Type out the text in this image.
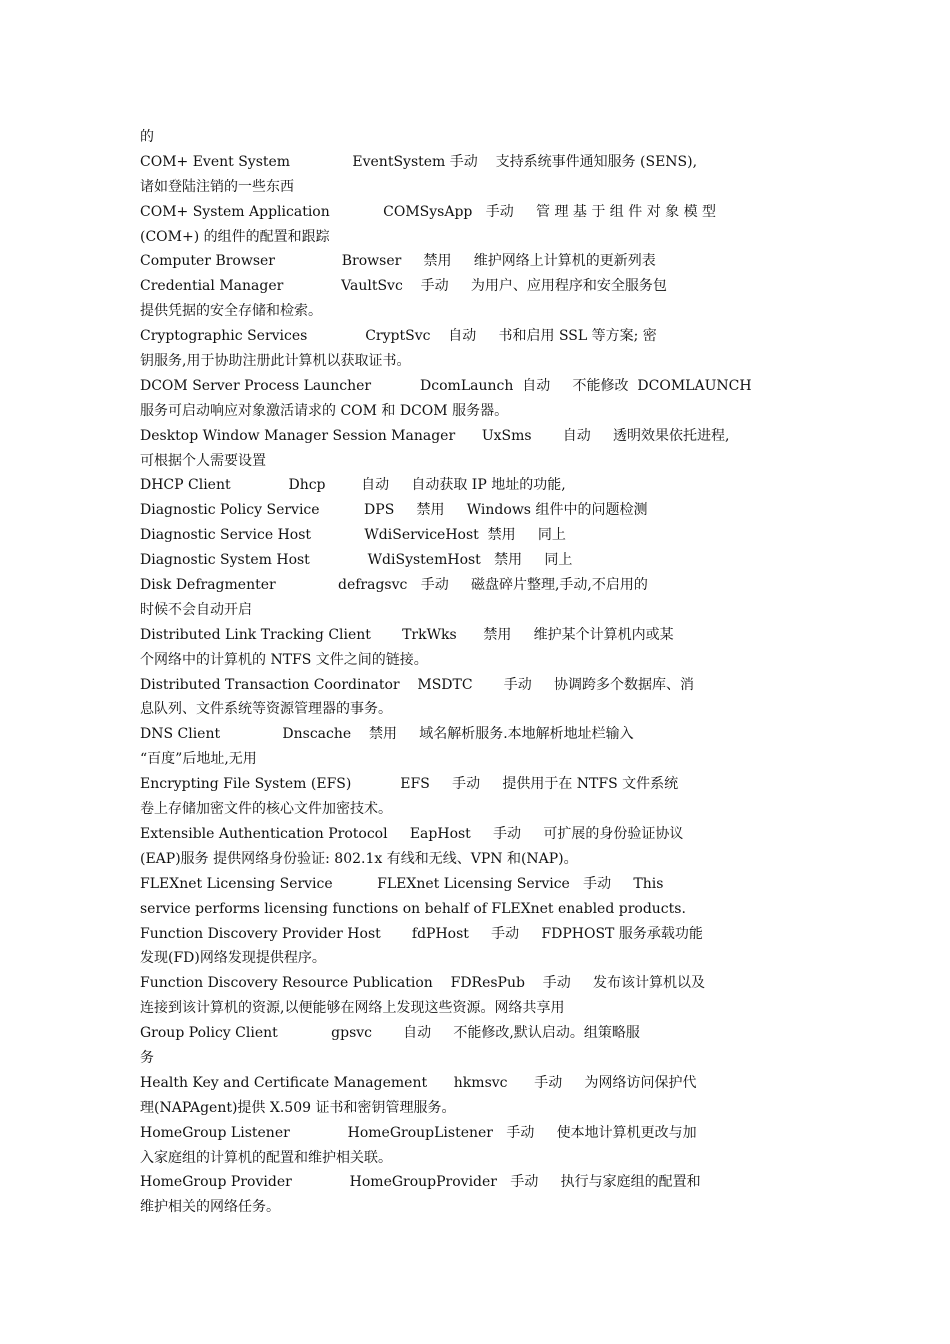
的
COM+ Event System              EventSystem 手动    支持系统事件通知服务 (SENS),
诸如登陆注销的一些东西
COM+ System Application            COMSysApp   手动     管 理 基 于 组 件 对 象 模 型
(COM+) 的组件的配置和跟踪
Computer Browser               Browser     禁用     维护网络上计算机的更新列表
Credential Manager             VaultSvc    手动     为用户、应用程序和安全服务包
提供凭据的安全存储和检索。
Cryptographic Services             CryptSvc    自动     书和启用 SSL 等方案; 密
钥服务,用于协助注册此计算机以获取证书。
DCOM Server Process Launcher           DcomLaunch  自动     不能修改  DCOMLAUNCH
服务可启动响应对象激活请求的 COM 和 DCOM 服务器。
Desktop Window Manager Session Manager      UxSms       自动     透明效果依托进程,
可根据个人需要设置
DHCP Client             Dhcp        自动     自动获取 IP 地址的功能,
Diagnostic Policy Service          DPS     禁用     Windows 组件中的问题检测
Diagnostic Service Host            WdiServiceHost  禁用     同上
Diagnostic System Host             WdiSystemHost   禁用     同上
Disk Defragmenter              defragsvc   手动     磁盘碎片整理,手动,不启用的
时候不会自动开启
Distributed Link Tracking Client       TrkWks      禁用     维护某个计算机内或某
个网络中的计算机的 NTFS 文件之间的链接。
Distributed Transaction Coordinator    MSDTC       手动     协调跨多个数据库、消
息队列、文件系统等资源管理器的事务。
DNS Client              Dnscache    禁用     域名解析服务.本地解析地址栏输入
“百度”后地址,无用
Encrypting File System (EFS)           EFS     手动     提供用于在 NTFS 文件系统
卷上存储加密文件的核心文件加密技术。
Extensible Authentication Protocol     EapHost     手动     可扩展的身份验证协议
(EAP)服务 提供网络身份验证: 802.1x 有线和无线、VPN 和(NAP)。
FLEXnet Licensing Service          FLEXnet Licensing Service   手动     This
service performs licensing functions on behalf of FLEXnet enabled products.
Function Discovery Provider Host       fdPHost     手动     FDPHOST 服务承载功能
发现(FD)网络发现提供程序。
Function Discovery Resource Publication    FDResPub    手动     发布该计算机以及
连接到该计算机的资源,以便能够在网络上发现这些资源。网络共享用
Group Policy Client            gpsvc       自动     不能修改,默认启动。组策略服
务
Health Key and Certificate Management      hkmsvc      手动     为网络访问保护代
理(NAPAgent)提供 X.509 证书和密钥管理服务。
HomeGroup Listener             HomeGroupListener   手动     使本地计算机更改与加
入家庭组的计算机的配置和维护相关联。
HomeGroup Provider             HomeGroupProvider   手动     执行与家庭组的配置和
维护相关的网络任务。
